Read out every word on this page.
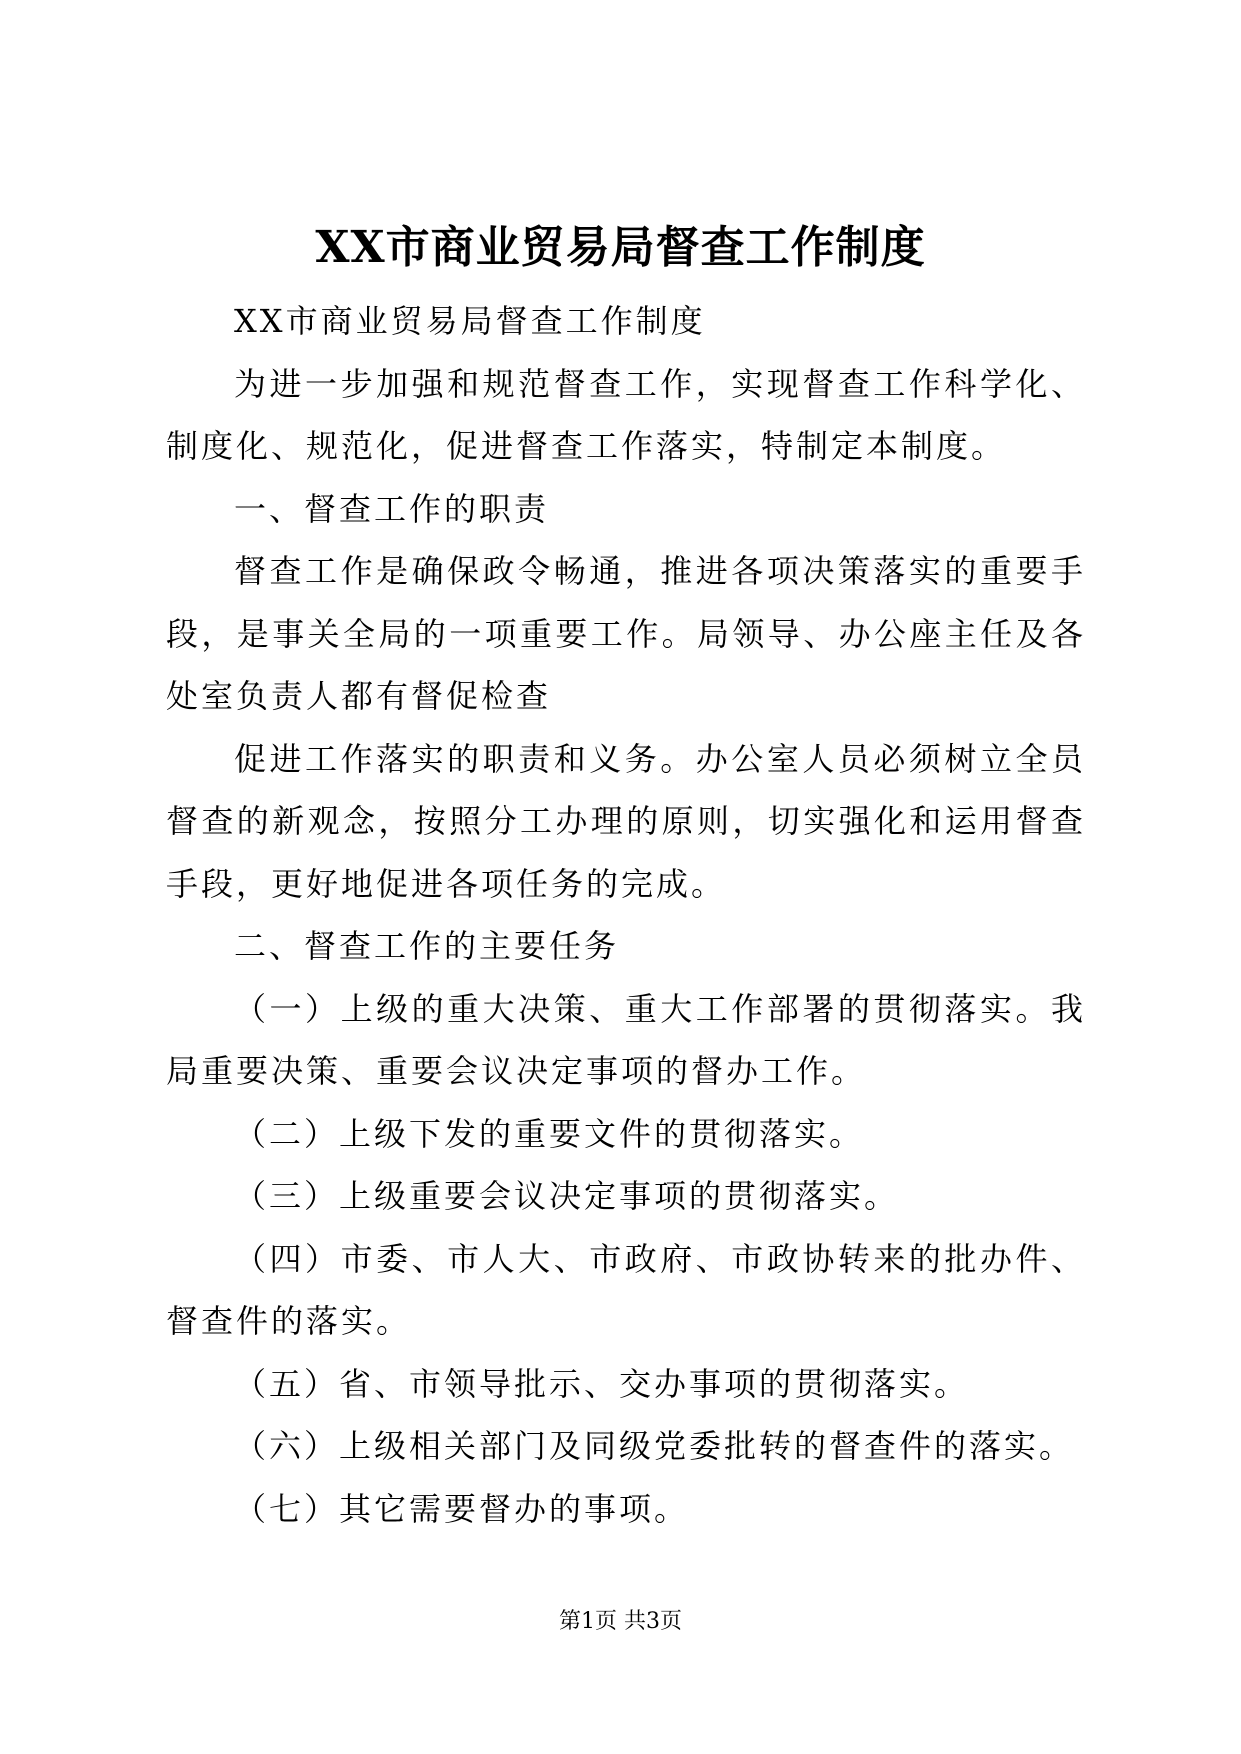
XX市商业贸易局督查工作制度

XX市商业贸易局督查工作制度

为进一步加强和规范督查工作，实现督查工作科学化、制度化、规范化，促进督查工作落实，特制定本制度。

一、督查工作的职责

督查工作是确保政令畅通，推进各项决策落实的重要手段，是事关全局的一项重要工作。局领导、办公座主任及各处室负责人都有督促检查

促进工作落实的职责和义务。办公室人员必须树立全员督查的新观念，按照分工办理的原则，切实强化和运用督查手段，更好地促进各项任务的完成。

二、督查工作的主要任务

（一）上级的重大决策、重大工作部署的贯彻落实。我局重要决策、重要会议决定事项的督办工作。

（二）上级下发的重要文件的贯彻落实。

（三）上级重要会议决定事项的贯彻落实。

（四）市委、市人大、市政府、市政协转来的批办件、督查件的落实。

（五）省、市领导批示、交办事项的贯彻落实。

（六）上级相关部门及同级党委批转的督查件的落实。

（七）其它需要督办的事项。

第1页 共3页
